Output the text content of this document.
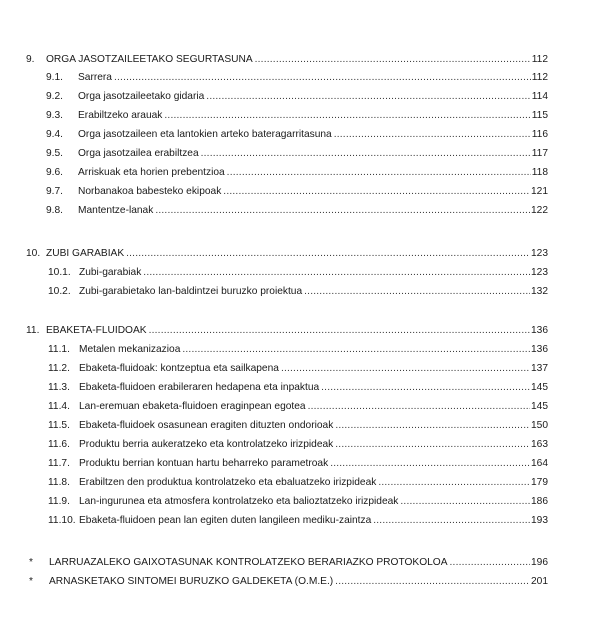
9. ORGA JASOTZAILEETAKO SEGURTASUNA .....	112
9.1. Sarrera .....	112
9.2. Orga jasotzaileetako gidaria .....	114
9.3. Erabiltzeko arauak .....	115
9.4. Orga jasotzaileen eta lantokien arteko bateragarritasuna .....	116
9.5. Orga jasotzailea erabiltzea .....	117
9.6. Arriskuak eta horien prebentzioa .....	118
9.7. Norbanakoa babesteko ekipoak .....	121
9.8. Mantentze-lanak .....	122
10. ZUBI GARABIAK .....	123
10.1. Zubi-garabiak .....	123
10.2. Zubi-garabietako lan-baldintzei buruzko proiektua .....	132
11. EBAKETA-FLUIDOAK .....	136
11.1. Metalen mekanizazioa .....	136
11.2. Ebaketa-fluidoak: kontzeptua eta sailkapena .....	137
11.3. Ebaketa-fluidoen erabileraren hedapena eta inpaktua .....	145
11.4. Lan-eremuan ebaketa-fluidoen eraginpean egotea .....	145
11.5. Ebaketa-fluidoek osasunean eragiten dituzten ondorioak .....	150
11.6. Produktu berria aukeratzeko eta kontrolatzeko irizpideak .....	163
11.7. Produktu berrian kontuan hartu beharreko parametroak .....	164
11.8. Erabiltzen den produktua kontrolatzeko eta ebaluatzeko irizpideak .....	179
11.9. Lan-ingurunea eta atmosfera kontrolatzeko eta balioztatzeko irizpideak .....	186
11.10. Ebaketa-fluidoen pean lan egiten duten langileen mediku-zaintza .....	193
* LARRUAZALEKO GAIXOTASUNAK KONTROLATZEKO BERARIAZKO PROTOKOLOA .....	196
* ARNASKETAKO SINTOMEI BURUZKO GALDEKETA (O.M.E.) .....	201
